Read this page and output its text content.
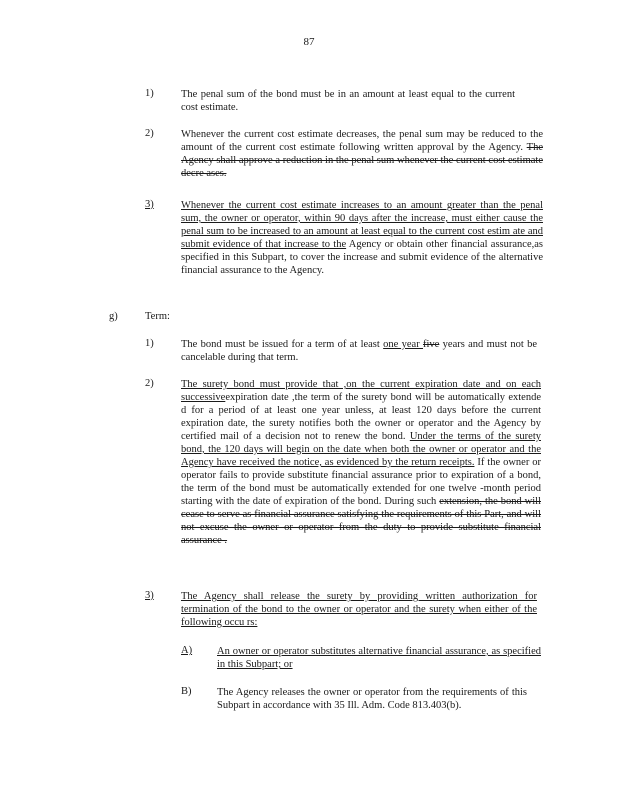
87
1)	The penal sum of the bond must be in an amount at least equal to the current cost estimate.

2)	Whenever the current cost estimate decreases, the penal sum may be reduced to the amount of the current cost estimate following written approval by the Agency. The Agency shall approve a reduction in the penal sum whenever the current cost estimate decre ases.

3)	Whenever the current cost estimate increases to an amount greater than the penal sum, the owner or operator, within 90 days after the increase, must either cause the penal sum to be increased to an amount at least equal to the current cost estim ate and submit evidence of that increase to the Agency or obtain other financial assurance,as specified in this Subpart, to cover the increase and submit evidence of the alternative financial assurance to the Agency.

g)	Term:
1)	The bond must be issued for a term of at least one year five years and must not be cancelable during that term.

2)	The surety bond must provide that ,on the current expiration date and on each successiveexpiration date ,the term of the surety bond will be automatically extende d for a period of at least one year unless, at least 120 days before the current expiration date, the surety notifies both the owner or operator and the Agency by certified mail of a decision not to renew the bond. Under the terms of the surety bond, the 120 days will begin on the date when both the owner or operator and the Agency have received the notice, as evidenced by the return receipts. If the owner or operator fails to provide substitute financial assurance prior to expiration of a bond, the term of the bond must be automatically extended for one twelve -month period starting with the date of expiration of the bond. During such extension, the bond will cease to serve as financial assurance satisfying the requirements of this Part, and will not excuse the owner or operator from the duty to provide substitute financial assurance .

3)	The Agency shall release the surety by providing written authorization for termination of the bond to the owner or operator and the surety when either of the following occu rs:

A) An owner or operator substitutes alternative financial assurance, as specified in this Subpart; or

B) The Agency releases the owner or operator from the requirements of this Subpart in accordance with 35 Ill. Adm. Code 813.403(b).
